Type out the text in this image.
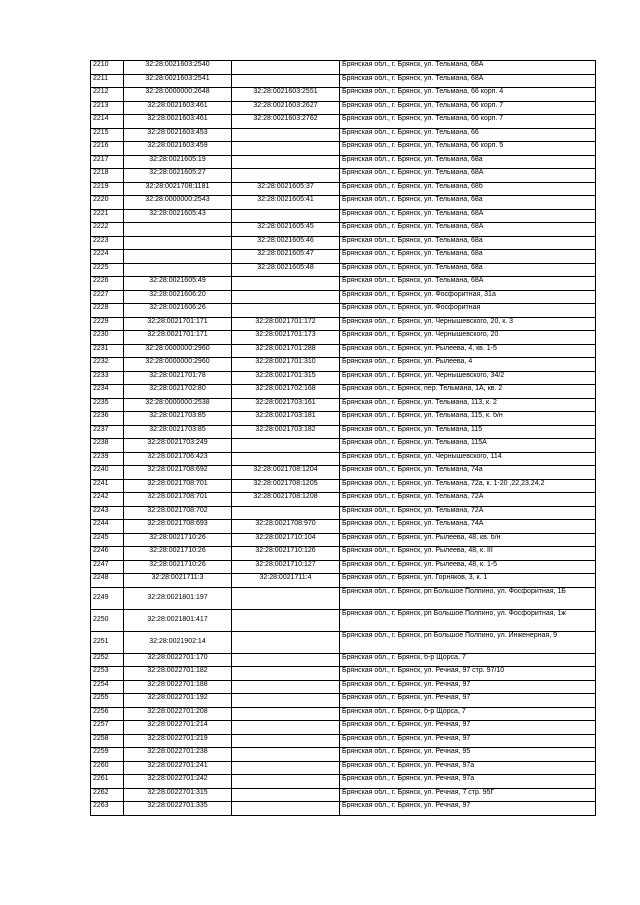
2210	32:28:0021603:2540		Брянская обл., г. Брянск, ул. Тельмана, 68А
2211	32:28:0021603:2541		Брянская обл., г. Брянск, ул. Тельмана, 68А
2212	32:28:0000000:2648	32:28:0021603:2551	Брянская обл., г. Брянск, ул. Тельмана, 66 корп. 4
2213	32:28:0021603:461	32:28:0021603:2627	Брянская обл., г. Брянск, ул. Тельмана, 66 корп. 7
2214	32:28:0021603:461	32:28:0021603:2762	Брянская обл., г. Брянск, ул. Тельмана, 66 корп. 7
2215	32:28:0021603:453		Брянская обл., г. Брянск, ул. Тельмана, 66
2216	32:28:0021603:459		Брянская обл., г. Брянск, ул. Тельмана, 66 корп. 5
2217	32:28:0021605:19		Брянская обл., г. Брянск, ул. Тельмана, 68а
2218	32:28:0021605:27		Брянская обл., г. Брянск, ул. Тельмана, 68А
2219	32:28:0021708:1181	32:28:0021605:37	Брянская обл., г. Брянск, ул. Тельмана, 68б
2220	32:28:0000000:2543	32:28:0021605:41	Брянская обл., г. Брянск, ул. Тельмана, 68а
2221	32:28:0021605:43		Брянская обл., г. Брянск, ул. Тельмана, 68А
2222		32:28:0021605:45	Брянская обл., г. Брянск, ул. Тельмана, 68А
2223		32:28:0021605:46	Брянская обл., г. Брянск, ул. Тельмана, 68а
2224		32:28:0021605:47	Брянская обл., г. Брянск, ул. Тельмана, 68а
2225		32:28:0021605:48	Брянская обл., г. Брянск, ул. Тельмана, 68а
2226	32:28:0021605:49		Брянская обл., г. Брянск, ул. Тельмана, 68А
2227	32:28:0021606:20		Брянская обл., г. Брянск, ул. Фосфоритная, 31а
2228	32:28:0021606:26		Брянская обл., г. Брянск, ул. Фосфоритная
2229	32:28:0021701:171	32:28:0021701:172	Брянская обл., г. Брянск, ул. Чернышевского, 20, к. 3
2230	32:28:0021701:171	32:28:0021701:173	Брянская обл., г. Брянск, ул. Чернышевского, 20
2231	32:28:0000000:2960	32:28:0021701:288	Брянская обл., г. Брянск, ул. Рылеева, 4, кв. 1-5
2232	32:28:0000000:2960	32:28:0021701:310	Брянская обл., г. Брянск, ул. Рылеева, 4
2233	32:28:0021701:78	32:28:0021701:315	Брянская обл., г. Брянск, ул. Чернышевского, 34/2
2234	32:28:0021702:80	32:28:0021702:168	Брянская обл., г. Брянск, пер. Тельмана, 1А, кв. 2
2235	32:28:0000000:2538	32:28:0021703:161	Брянская обл., г. Брянск, ул. Тельмана, 113, к. 2
2236	32:28:0021703:85	32:28:0021703:181	Брянская обл., г. Брянск, ул. Тельмана, 115, к. б/н
2237	32:28:0021703:85	32:28:0021703:182	Брянская обл., г. Брянск, ул. Тельмана, 115
2238	32:28:0021703:249		Брянская обл., г. Брянск, ул. Тельмана, 115А
2239	32:28:0021706:423		Брянская обл., г. Брянск, ул. Чернышевского, 114
2240	32:28:0021708:692	32:28:0021708:1204	Брянская обл., г. Брянск, ул. Тельмана, 74а
2241	32:28:0021708:701	32:28:0021708:1205	Брянская обл., г. Брянск, ул. Тельмана, 72а, к. 1-20 ,22,23,24,2
2242	32:28:0021708:701	32:28:0021708:1208	Брянская обл., г. Брянск, ул. Тельмана, 72А
2243	32:28:0021708:702		Брянская обл., г. Брянск, ул. Тельмана, 72А
2244	32:28:0021708:693	32:28:0021708:970	Брянская обл., г. Брянск, ул. Тельмана, 74А
2245	32:28:0021710:26	32:28:0021710:104	Брянская обл., г. Брянск, ул. Рылеева, 48, кв. б/н
2246	32:28:0021710:26	32:28:0021710:126	Брянская обл., г. Брянск, ул. Рылеева, 48, к. III
2247	32:28:0021710:26	32:28:0021710:127	Брянская обл., г. Брянск, ул. Рылеева, 48, к. 1-5
2248	32:28:0021711:3	32:28:0021711:4	Брянская обл., г. Брянск, ул. Горняков, 3, к. 1
2249	32:28:0021801:197		Брянская обл., г. Брянск, рп Большое Полпино, ул. Фосфоритная, 1Б
2250	32:28:0021801:417		Брянская обл., г. Брянск, рп Большое Полпино, ул. Фосфоритная, 1ж
2251	32:28:0021902:14		Брянская обл., г. Брянск, рп Большое Полпино, ул. Инженерная, 9
2252	32:28:0022701:170		Брянская обл., г. Брянск, б-р Щорса, 7
2253	32:28:0022701:182		Брянская обл., г. Брянск, ул. Речная, 97 стр. 97/10
2254	32:28:0022701:188		Брянская обл., г. Брянск, ул. Речная, 97
2255	32:28:0022701:192		Брянская обл., г. Брянск, ул. Речная, 97
2256	32:28:0022701:208		Брянская обл., г. Брянск, б-р Щорса, 7
2257	32:28:0022701:214		Брянская обл., г. Брянск, ул. Речная, 97
2258	32:28:0022701:219		Брянская обл., г. Брянск, ул. Речная, 97
2259	32:28:0022701:238		Брянская обл., г. Брянск, ул. Речная, 95
2260	32:28:0022701:241		Брянская обл., г. Брянск, ул. Речная, 97а
2261	32:28:0022701:242		Брянская обл., г. Брянск, ул. Речная, 97а
2262	32:28:0022701:315		Брянская обл., г. Брянск, ул. Речная, 7 стр. 95Г
2263	32:28:0022701:335		Брянская обл., г. Брянск, ул. Речная, 97
